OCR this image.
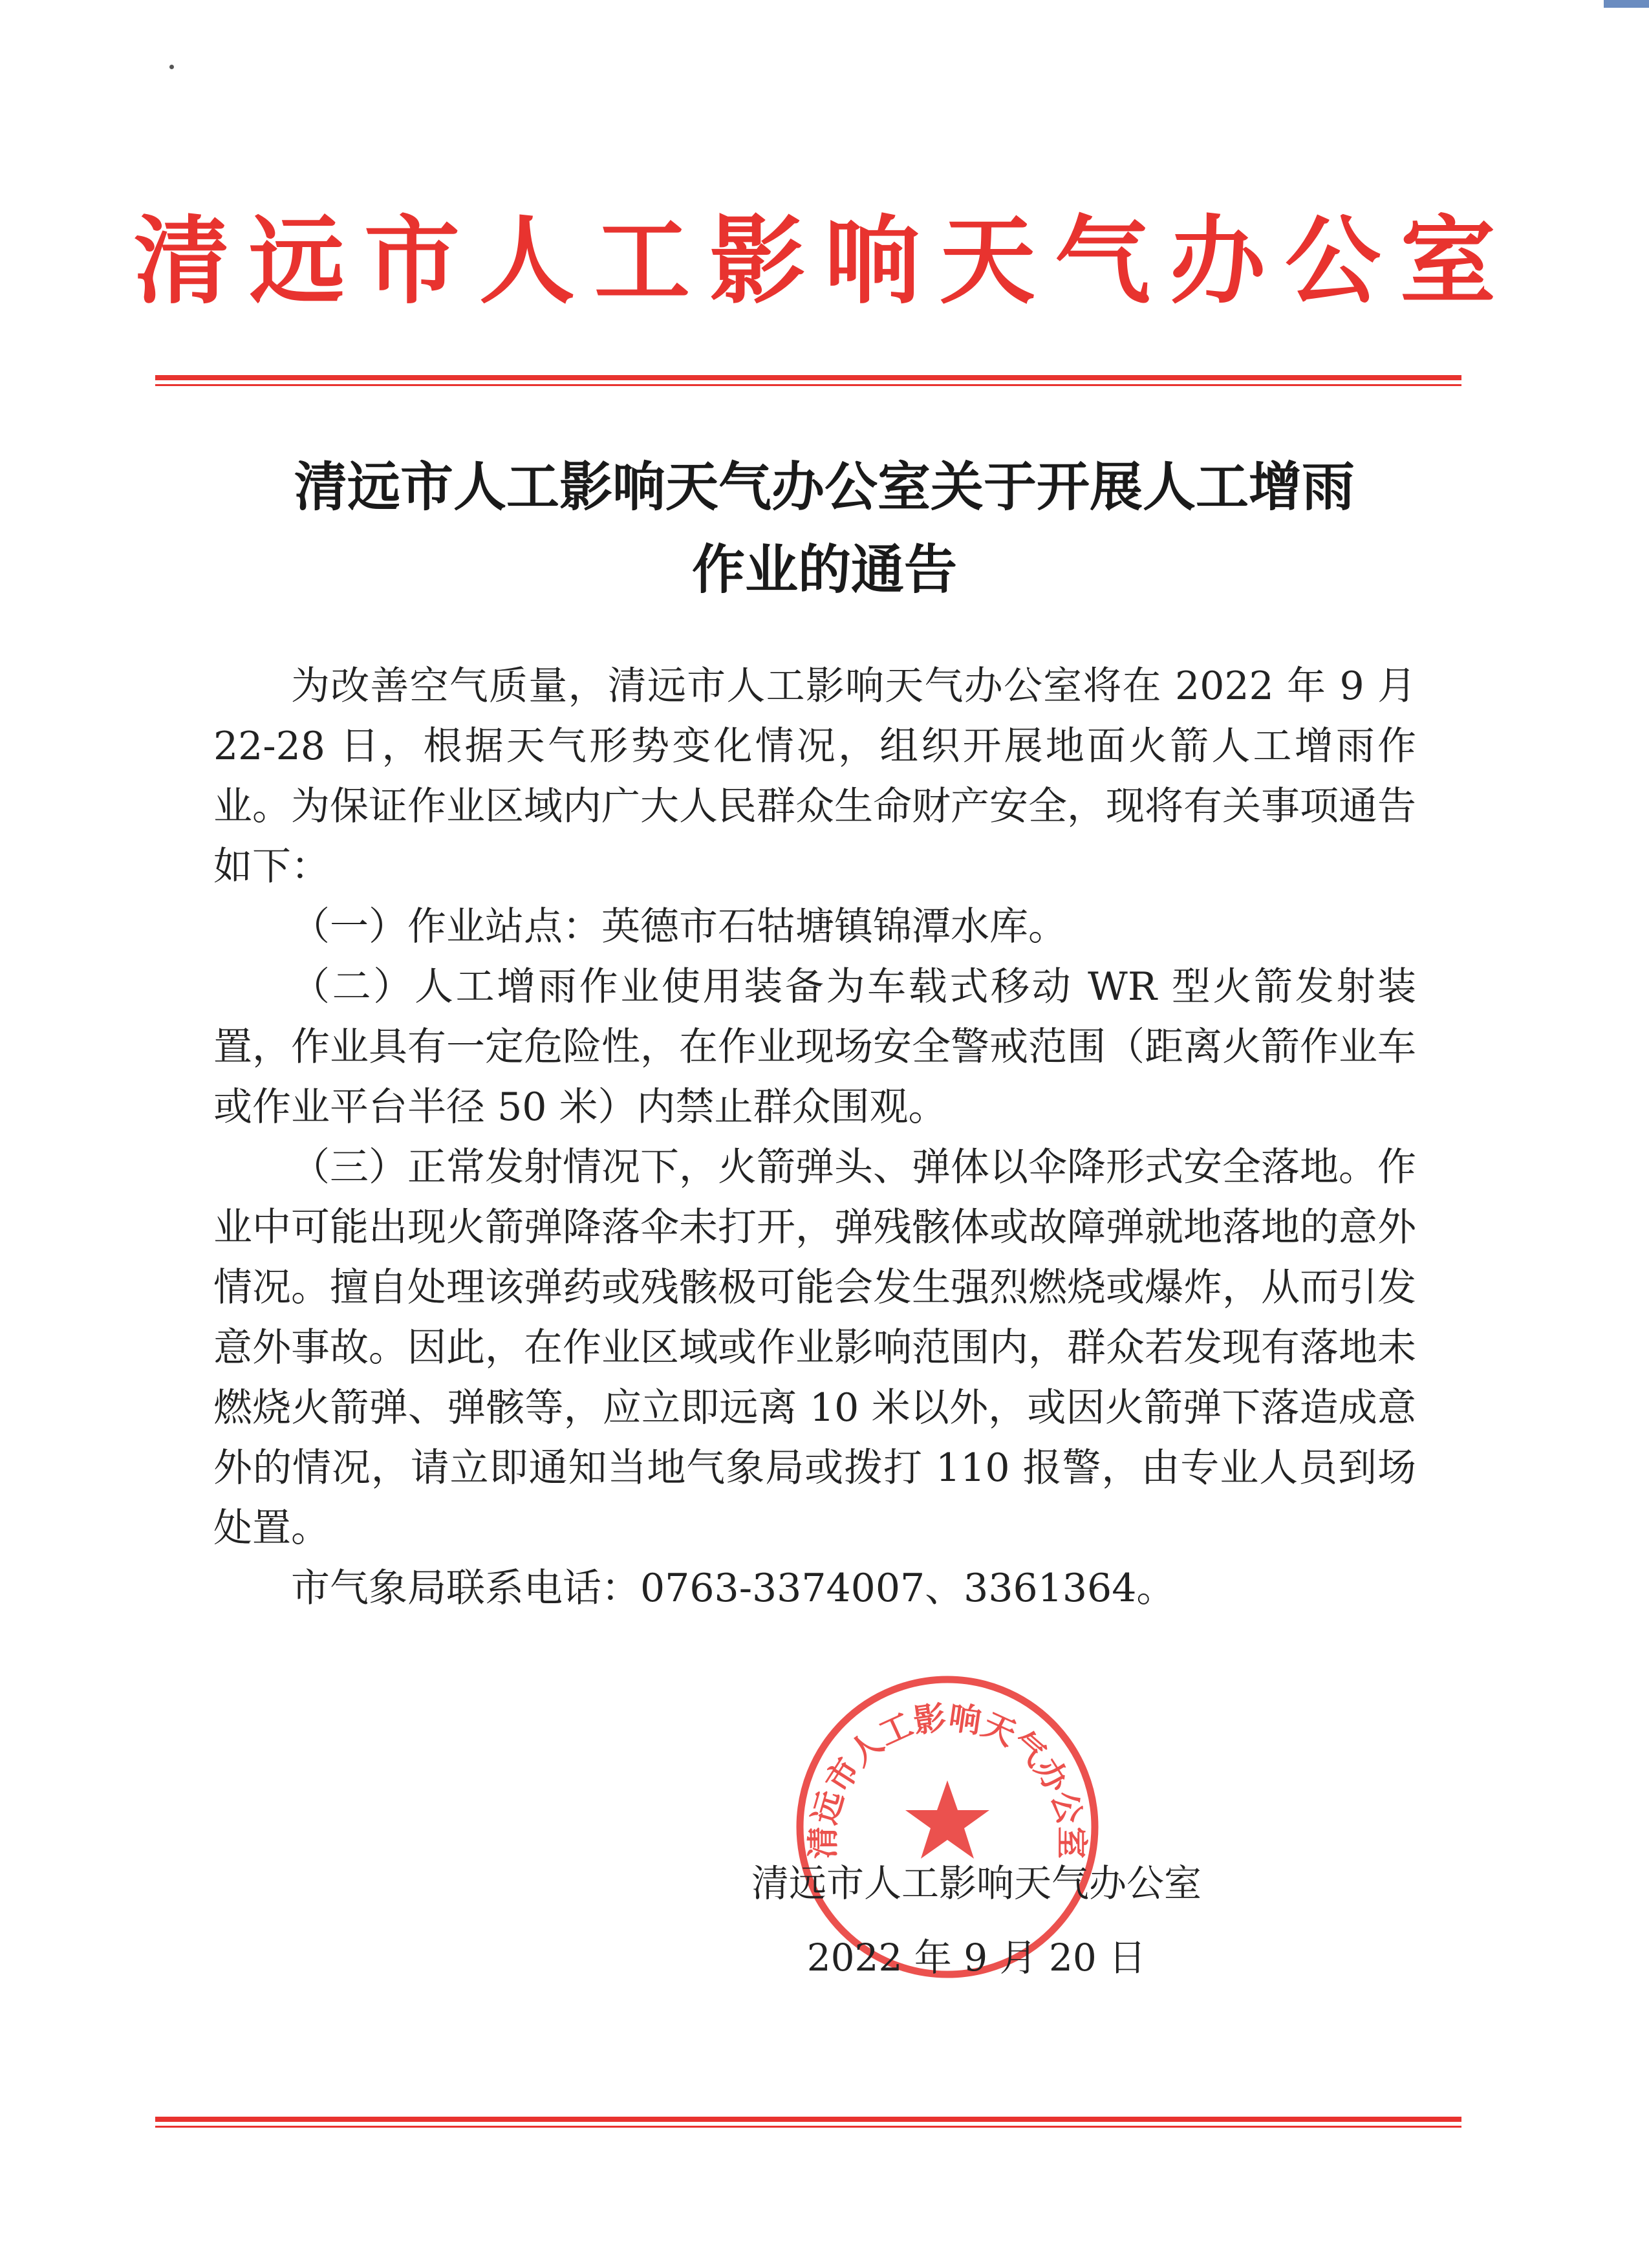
清远市人工影响天气办公室
清远市人工影响天气办公室关于开展人工增雨
作业的通告

为改善空气质量，清远市人工影响天气办公室将在 2022 年 9 月 22-28 日，根据天气形势变化情况，组织开展地面火箭人工增雨作业。为保证作业区域内广大人民群众生命财产安全，现将有关事项通告如下：

（一）作业站点：英德市石牯塘镇锦潭水库。

（二）人工增雨作业使用装备为车载式移动 WR 型火箭发射装置，作业具有一定危险性，在作业现场安全警戒范围（距离火箭作业车或作业平台半径 50 米）内禁止群众围观。

（三）正常发射情况下，火箭弹头、弹体以伞降形式安全落地。作业中可能出现火箭弹降落伞未打开，弹残骸体或故障弹就地落地的意外情况。擅自处理该弹药或残骸极可能会发生强烈燃烧或爆炸，从而引发意外事故。因此，在作业区域或作业影响范围内，群众若发现有落地未燃烧火箭弹、弹骸等，应立即远离 10 米以外，或因火箭弹下落造成意外的情况，请立即通知当地气象局或拨打 110 报警，由专业人员到场处置。

市气象局联系电话：0763-3374007、3361364。

清远市人工影响天气办公室
清远市人工影响天气办公室
2022 年 9 月 20 日
